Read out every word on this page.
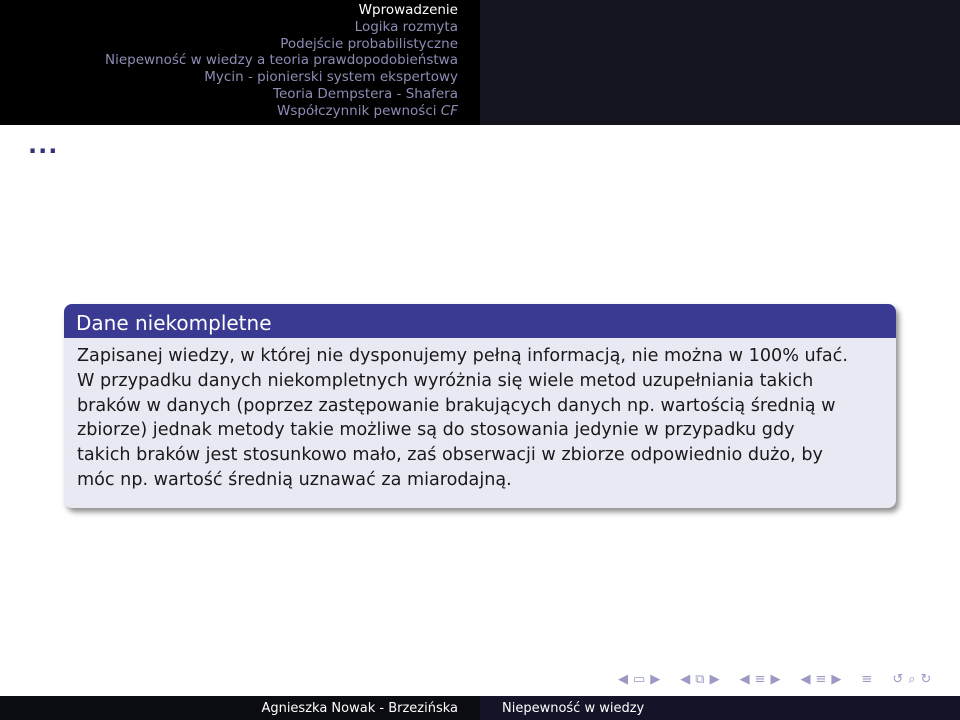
Wprowadzenie
Logika rozmyta
Podejście probabilistyczne
Niepewność w wiedzy a teoria prawdopodobieństwa
Mycin - pionierski system ekspertowy
Teoria Dempstera - Shafera
Współczynnik pewności CF
...
Dane niekompletne
Zapisanej wiedzy, w której nie dysponujemy pełną informacją, nie można w 100% ufać.
W przypadku danych niekompletnych wyróżnia się wiele metod uzupełniania takich
braków w danych (poprzez zastępowanie brakujących danych np. wartością średnią w
zbiorze) jednak metody takie możliwe są do stosowania jedynie w przypadku gdy
takich braków jest stosunkowo mało, zaś obserwacji w zbiorze odpowiednio dużo, by
móc np. wartość średnią uznawać za miarodajną.
◀ ▭ ▶ ◀ ⧉ ▶ ◀ ≡ ▶ ◀ ≡ ▶ ≡ ↺ ⌕ ↻
Agnieszka Nowak - Brzezińska	Niepewność w wiedzy
